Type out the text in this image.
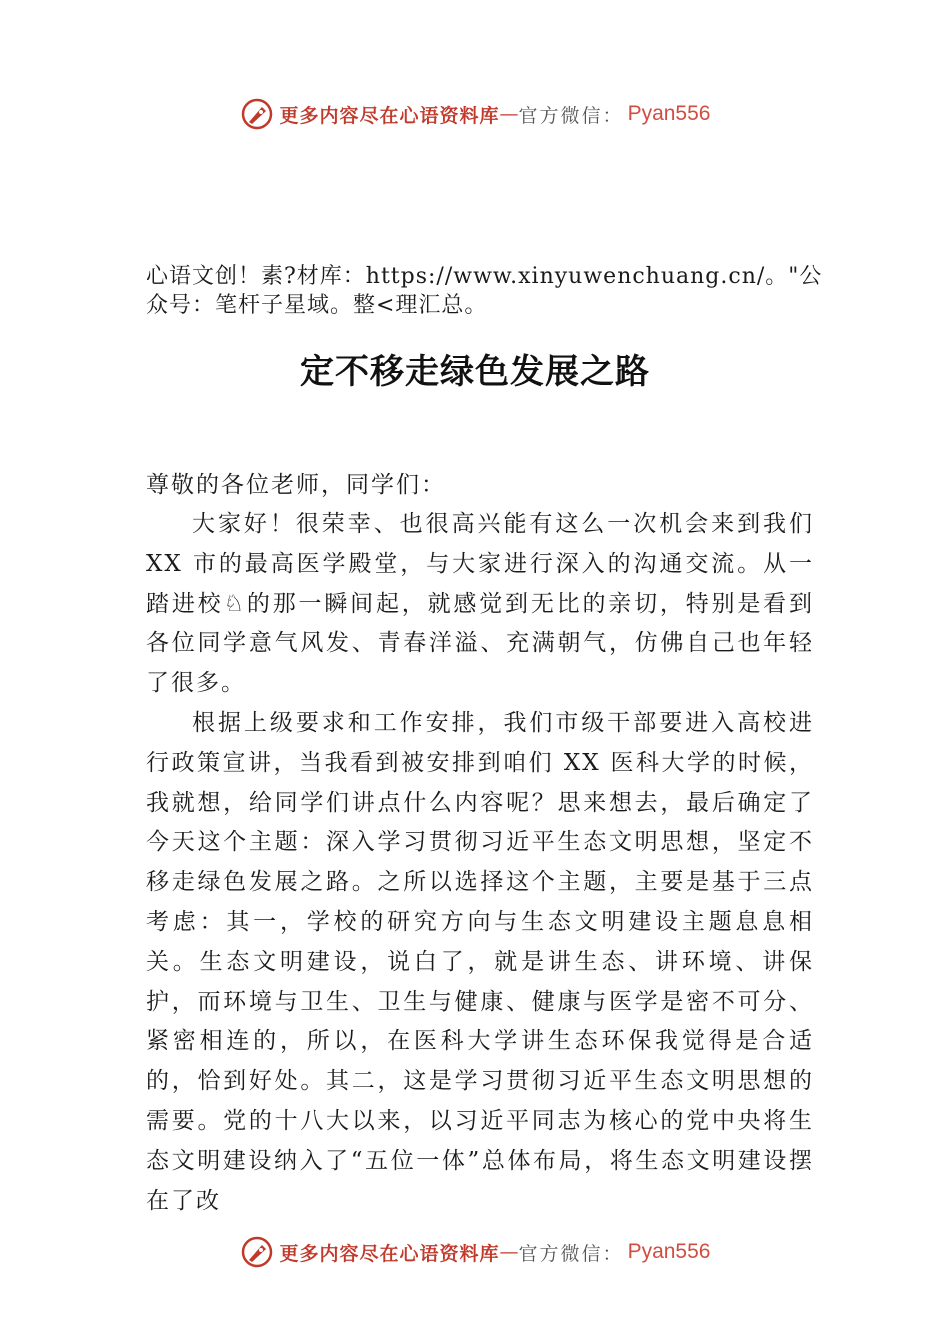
更多内容尽在心语资料库 — 官方微信： Pyan556
心语文创！素?材库：https://www.xinyuwenchuang.cn/。"公众号：笔杆子星域。整<理汇总。
定不移走绿色发展之路
尊敬的各位老师，同学们：

大家好！很荣幸、也很高兴能有这么一次机会来到我们XX 市的最高医学殿堂，与大家进行深入的沟通交流。从一踏进校♘的那一瞬间起，就感觉到无比的亲切，特别是看到各位同学意气风发、青春洋溢、充满朝气，仿佛自己也年轻了很多。

根据上级要求和工作安排，我们市级干部要进入高校进行政策宣讲，当我看到被安排到咱们 XX 医科大学的时候，我就想，给同学们讲点什么内容呢？思来想去，最后确定了今天这个主题：深入学习贯彻习近平生态文明思想，坚定不移走绿色发展之路。之所以选择这个主题，主要是基于三点考虑：其一，学校的研究方向与生态文明建设主题息息相关。生态文明建设，说白了，就是讲生态、讲环境、讲保护，而环境与卫生、卫生与健康、健康与医学是密不可分、紧密相连的，所以，在医科大学讲生态环保我觉得是合适的，恰到好处。其二，这是学习贯彻习近平生态文明思想的需要。党的十八大以来，以习近平同志为核心的党中央将生态文明建设纳入了“五位一体”总体布局，将生态文明建设摆在了改

更多内容尽在心语资料库 — 官方微信： Pyan556
